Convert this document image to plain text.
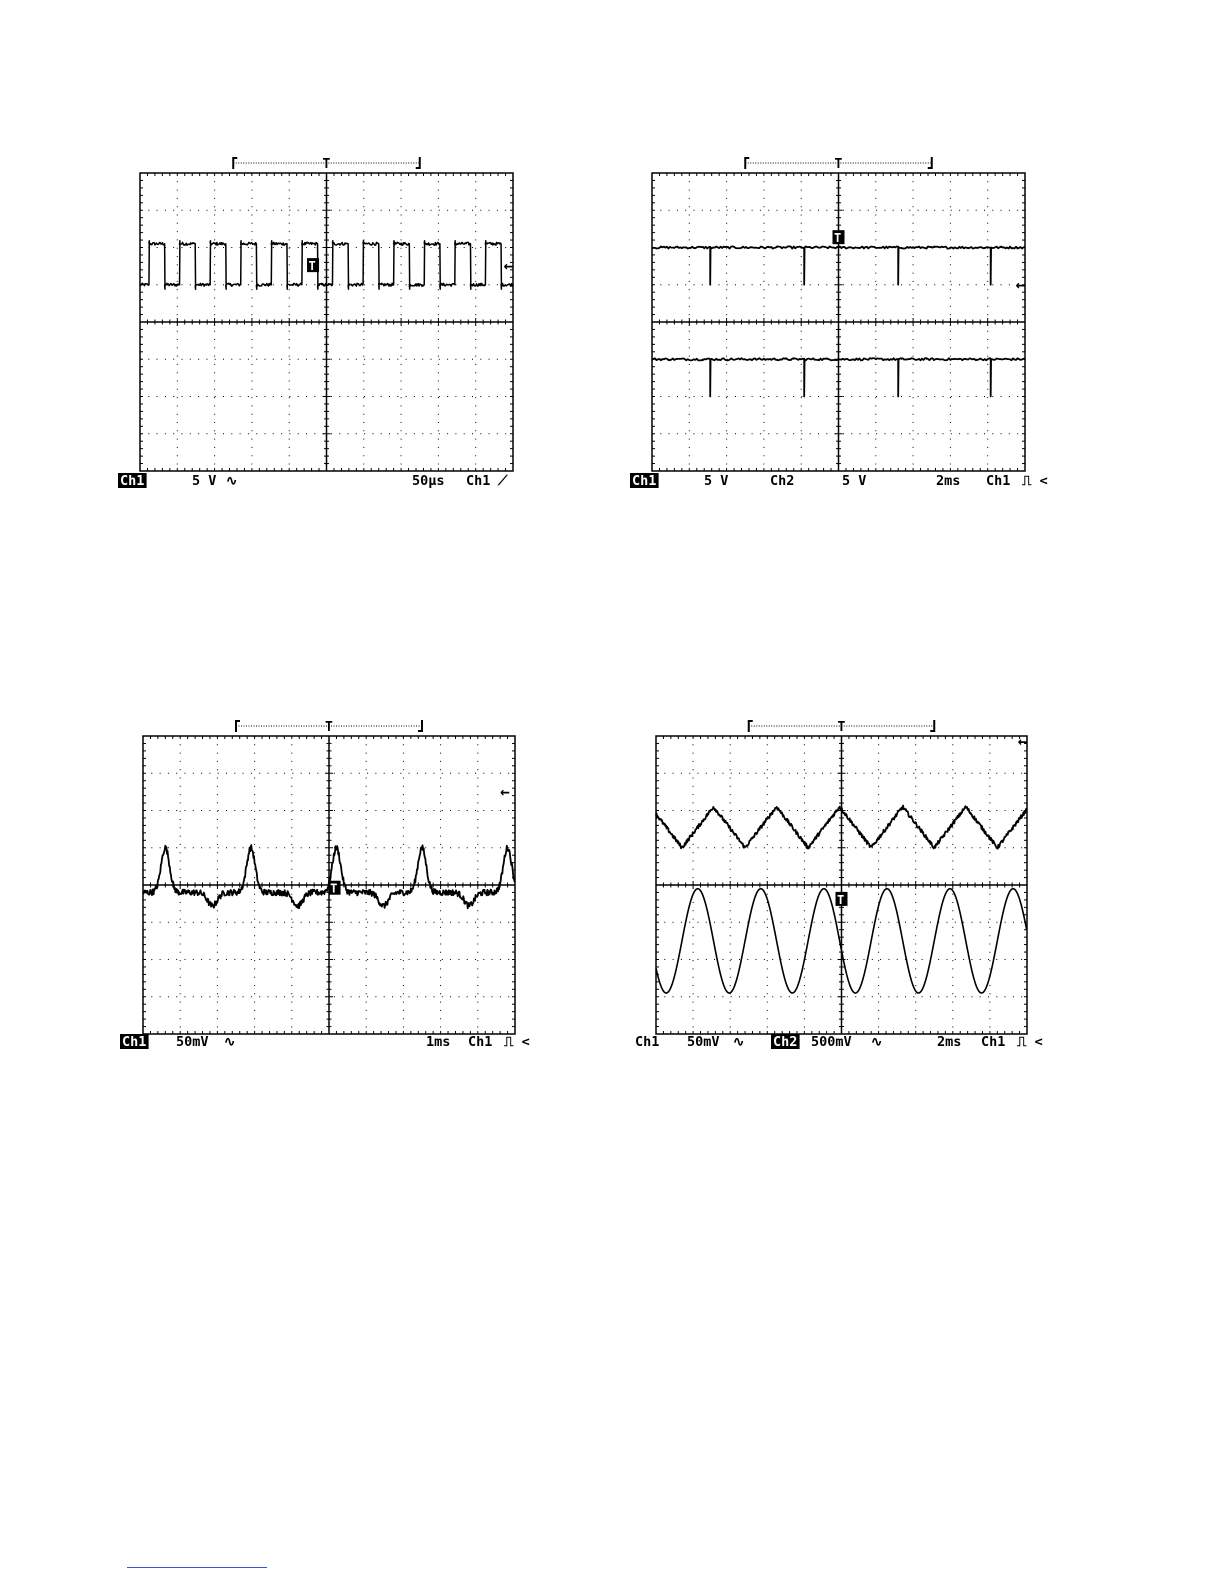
T
T	←
Ch1	5 V ∿	50µs Ch1 ⟋
T
T
←
Ch1	5 V	Ch2	5 V	2ms Ch1 ⎍ <
T
T
←
Ch1 50mV ∿	1ms Ch1 ⎍ <
T
T
←
Ch1 50mV ∿ Ch2 500mV ∿	2ms Ch1 ⎍ <
